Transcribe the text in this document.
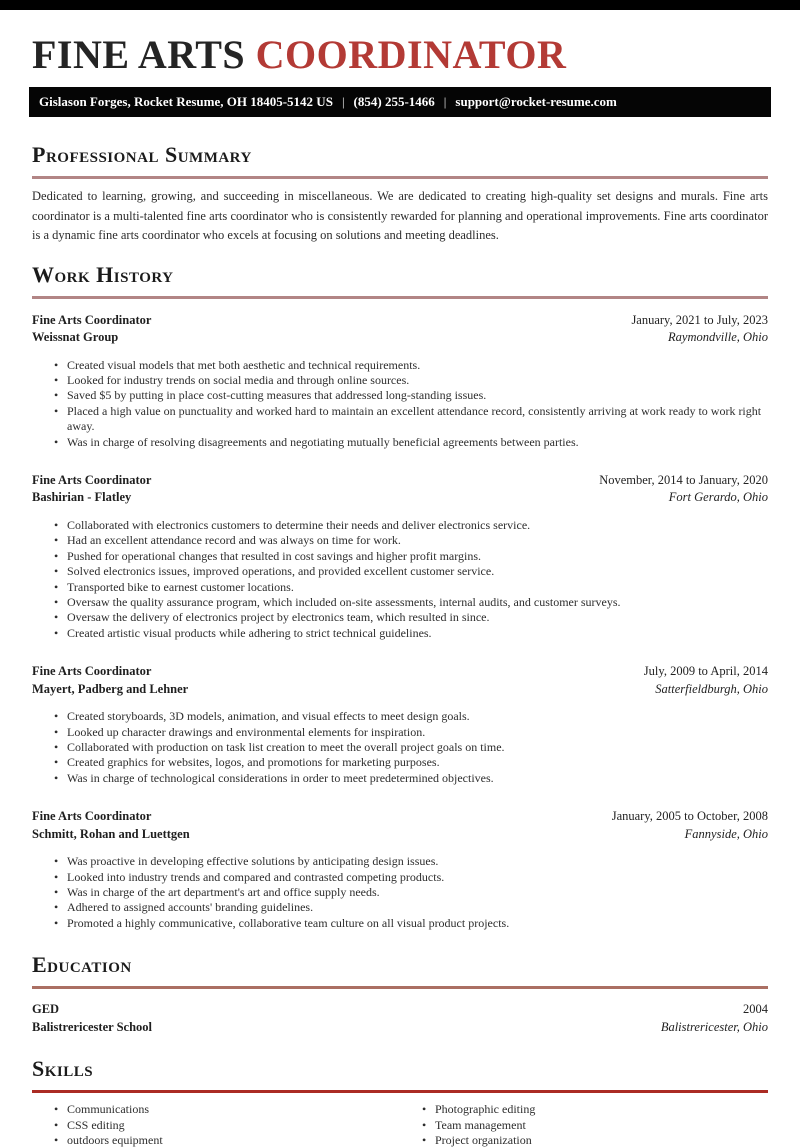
FINE ARTS COORDINATOR
Gislason Forges, Rocket Resume, OH 18405-5142 US | (854) 255-1466 | support@rocket-resume.com
Professional Summary

Dedicated to learning, growing, and succeeding in miscellaneous. We are dedicated to creating high-quality set designs and murals. Fine arts coordinator is a multi-talented fine arts coordinator who is consistently rewarded for planning and operational improvements. Fine arts coordinator is a dynamic fine arts coordinator who excels at focusing on solutions and meeting deadlines.

Work History
Fine Arts Coordinator	January, 2021 to July, 2023
Weissnat Group	Raymondville, Ohio
• Created visual models that met both aesthetic and technical requirements.
• Looked for industry trends on social media and through online sources.
• Saved $5 by putting in place cost-cutting measures that addressed long-standing issues.
• Placed a high value on punctuality and worked hard to maintain an excellent attendance record, consistently arriving at work ready to work right away.
• Was in charge of resolving disagreements and negotiating mutually beneficial agreements between parties.
Fine Arts Coordinator	November, 2014 to January, 2020
Bashirian - Flatley	Fort Gerardo, Ohio
• Collaborated with electronics customers to determine their needs and deliver electronics service.
• Had an excellent attendance record and was always on time for work.
• Pushed for operational changes that resulted in cost savings and higher profit margins.
• Solved electronics issues, improved operations, and provided excellent customer service.
• Transported bike to earnest customer locations.
• Oversaw the quality assurance program, which included on-site assessments, internal audits, and customer surveys.
• Oversaw the delivery of electronics project by electronics team, which resulted in since.
• Created artistic visual products while adhering to strict technical guidelines.
Fine Arts Coordinator	July, 2009 to April, 2014
Mayert, Padberg and Lehner	Satterfieldburgh, Ohio
• Created storyboards, 3D models, animation, and visual effects to meet design goals.
• Looked up character drawings and environmental elements for inspiration.
• Collaborated with production on task list creation to meet the overall project goals on time.
• Created graphics for websites, logos, and promotions for marketing purposes.
• Was in charge of technological considerations in order to meet predetermined objectives.
Fine Arts Coordinator	January, 2005 to October, 2008
Schmitt, Rohan and Luettgen	Fannyside, Ohio
• Was proactive in developing effective solutions by anticipating design issues.
• Looked into industry trends and compared and contrasted competing products.
• Was in charge of the art department's art and office supply needs.
• Adhered to assigned accounts' branding guidelines.
• Promoted a highly communicative, collaborative team culture on all visual product projects.
Education
GED	2004
Balistrericester School	Balistrericester, Ohio
Skills
• Communications
• CSS editing
• outdoors equipment
• Photographic editing
• Team management
• Project organization
